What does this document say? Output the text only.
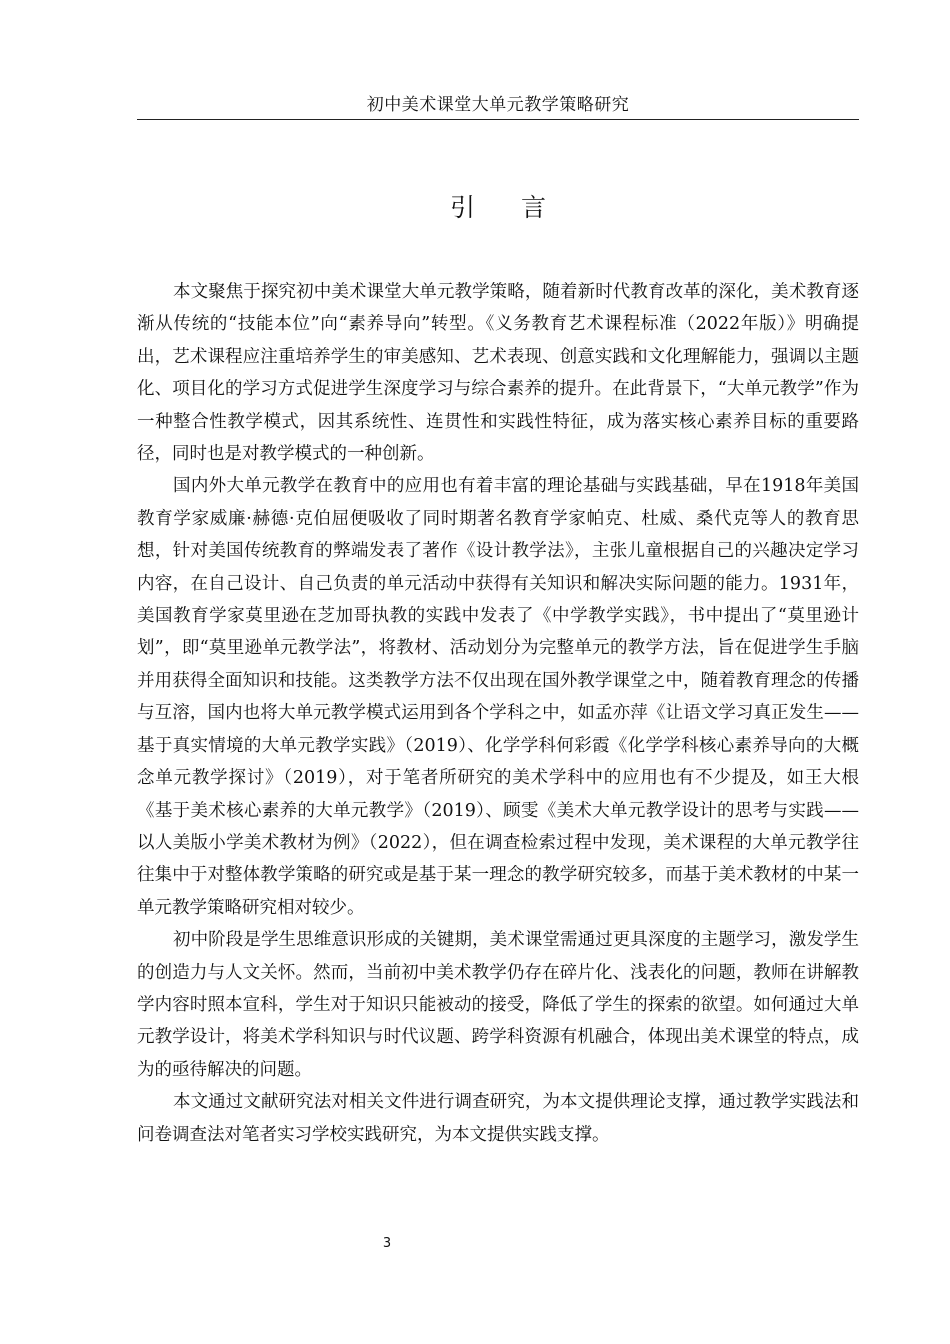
初中美术课堂大单元教学策略研究
引言

本文聚焦于探究初中美术课堂大单元教学策略，随着新时代教育改革的深化，美术教育逐渐从传统的“技能本位”向“素养导向”转型。《义务教育艺术课程标准（2022年版）》明确提出，艺术课程应注重培养学生的审美感知、艺术表现、创意实践和文化理解能力，强调以主题化、项目化的学习方式促进学生深度学习与综合素养的提升。在此背景下，“大单元教学”作为一种整合性教学模式，因其系统性、连贯性和实践性特征，成为落实核心素养目标的重要路径，同时也是对教学模式的一种创新。

国内外大单元教学在教育中的应用也有着丰富的理论基础与实践基础，早在1918年美国教育学家威廉·赫德·克伯屈便吸收了同时期著名教育学家帕克、杜威、桑代克等人的教育思想，针对美国传统教育的弊端发表了著作《设计教学法》，主张儿童根据自己的兴趣决定学习内容，在自己设计、自己负责的单元活动中获得有关知识和解决实际问题的能力。1931年，美国教育学家莫里逊在芝加哥执教的实践中发表了《中学教学实践》，书中提出了“莫里逊计划”，即“莫里逊单元教学法”，将教材、活动划分为完整单元的教学方法，旨在促进学生手脑并用获得全面知识和技能。这类教学方法不仅出现在国外教学课堂之中，随着教育理念的传播与互溶，国内也将大单元教学模式运用到各个学科之中，如孟亦萍《让语文学习真正发生——基于真实情境的大单元教学实践》（2019）、化学学科何彩霞《化学学科核心素养导向的大概念单元教学探讨》（2019），对于笔者所研究的美术学科中的应用也有不少提及，如王大根《基于美术核心素养的大单元教学》（2019）、顾雯《美术大单元教学设计的思考与实践——以人美版小学美术教材为例》（2022），但在调查检索过程中发现，美术课程的大单元教学往往集中于对整体教学策略的研究或是基于某一理念的教学研究较多，而基于美术教材的中某一单元教学策略研究相对较少。

初中阶段是学生思维意识形成的关键期，美术课堂需通过更具深度的主题学习，激发学生的创造力与人文关怀。然而，当前初中美术教学仍存在碎片化、浅表化的问题，教师在讲解教学内容时照本宣科，学生对于知识只能被动的接受，降低了学生的探索的欲望。如何通过大单元教学设计，将美术学科知识与时代议题、跨学科资源有机融合，体现出美术课堂的特点，成为的亟待解决的问题。

本文通过文献研究法对相关文件进行调查研究，为本文提供理论支撑，通过教学实践法和问卷调查法对笔者实习学校实践研究，为本文提供实践支撑。

3
